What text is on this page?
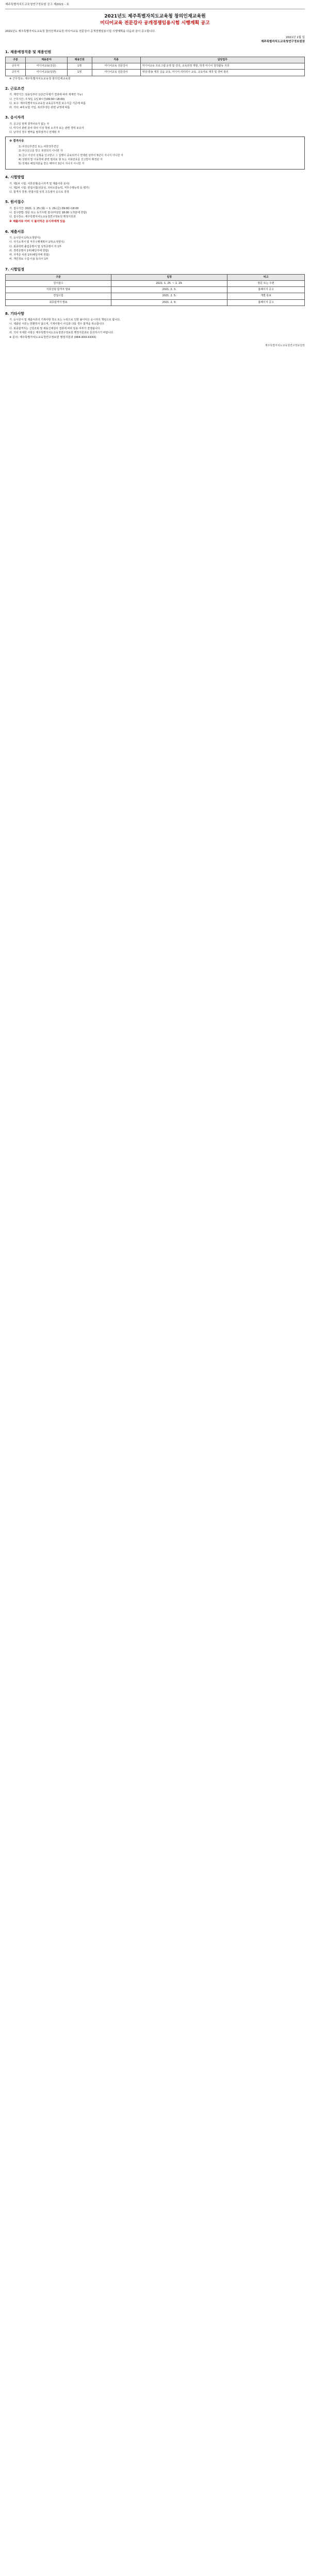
제주특별자치도교육청연구정보원 공고 제2021 - 호
2021년도 제주특별자치도교육청 창의인재교육원
미디어교육 전문강사 공개경쟁임용시험 시행계획 공고
2021년도 제주특별자치도교육청 창의인재교육원 미디어교육 전문강사 공개경쟁임용시험 시행계획을 다음과 같이 공고합니다.
2021년 1월 일
제주특별자치도교육청연구정보원장
1. 채용예정직종 및 채용인원
구분	채용분야	채용인원	직종	담당업무
공무직	미디어교육(전문)	1명	미디어교육 전문강사	미디어교육 프로그램 운영 및 강의, 교육과정 개발, 학생 미디어 창작활동 지원
공무직	미디어교육(일반)	1명	미디어교육 전문강사	영상·방송 제작 실습 교육, 미디어 리터러시 교육, 교육자료 제작 및 장비 관리
※ 근무장소: 제주특별자치도교육청 창의인재교육원
2. 근로조건
가. 계약기간: 임용일부터 1년(근무평가 결과에 따라 재계약 가능)
나. 근무시간: 주 5일, 1일 8시간(09:00~18:00)
다. 보수: 제주특별자치도교육청 교육공무직원 보수지급 기준에 따름
라. 기타: 4대 보험 가입, 복리후생은 관련 규정에 따름
3. 응시자격
가. 공고일 현재 결격사유가 없는 자
나. 미디어 관련 분야 학사 이상 학위 소지자 또는 관련 경력 보유자
다. 남자의 경우 병역을 필하였거나 면제된 자
※ 결격사유
1) 피성년후견인 또는 피한정후견인
2) 파산선고를 받고 복권되지 아니한 자
3) 금고 이상의 실형을 선고받고 그 집행이 종료되거나 면제된 날부터 5년이 지나지 아니한 자
4) 성범죄 및 아동학대 관련 범죄로 형 또는 치료감호를 선고받아 확정된 자
5) 징계로 해임처분을 받은 때부터 3년이 지나지 아니한 자
4. 시험방법
가. 제1차 시험: 서류전형(응시자격 및 제출서류 심사)
나. 제2차 시험: 면접시험(전문성, 의사소통능력, 직무수행능력 등 평가)
다. 합격자 결정: 면접시험 성적 고득점자 순으로 결정
5. 원서접수
가. 접수기간: 2021. 1. 25.(월) ~ 1. 29.(금) 09:00~18:00
나. 접수방법: 방문 또는 등기우편 접수(마감일 18:00 도착분에 한함)
다. 접수장소: 제주특별자치도교육청연구정보원 행정지원과
※ 제출서류 미비 시 불이익은 응시자에게 있음
6. 제출서류
가. 응시원서 1부(소정양식)
나. 자기소개서 및 직무수행계획서 1부(소정양식)
다. 최종학력 졸업증명서 및 성적증명서 각 1부
라. 경력증명서 1부(해당자에 한함)
마. 자격증 사본 1부(해당자에 한함)
바. 개인정보 수집·이용 동의서 1부
7. 시험일정
구분	일정	비고
원서접수	2021. 1. 25. ~ 1. 29.	방문 또는 우편
서류전형 합격자 발표	2021. 2. 3.	홈페이지 공고
면접시험	2021. 2. 5.	개별 통보
최종합격자 발표	2021. 2. 9.	홈페이지 공고
8. 기타사항
가. 응시원서 및 제출서류의 기재사항 착오 또는 누락으로 인한 불이익은 응시자의 책임으로 합니다.
나. 제출된 서류는 반환하지 않으며, 기재사항이 사실과 다를 경우 합격을 취소합니다.
다. 최종합격자는 신원조회 및 채용신체검사 결과에 따라 임용 여부가 결정됩니다.
라. 기타 자세한 사항은 제주특별자치도교육청연구정보원 행정지원과로 문의하시기 바랍니다.
※ 문의: 제주특별자치도교육청연구정보원 행정지원과 (064-XXX-XXXX)
제주특별자치도교육청연구정보원장
